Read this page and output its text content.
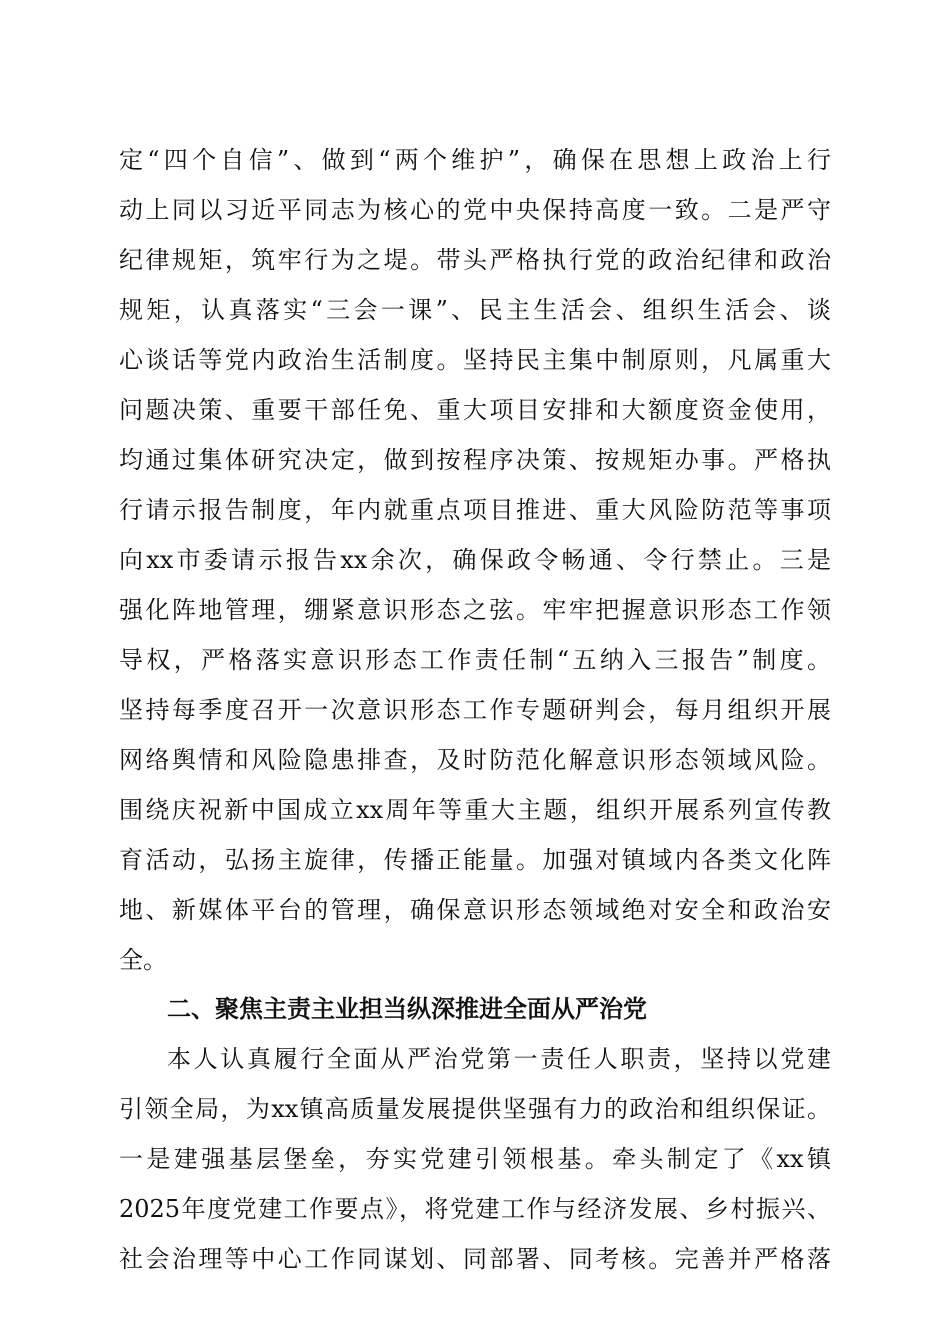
定“四个自信”、做到“两个维护”，确保在思想上政治上行
动上同以习近平同志为核心的党中央保持高度一致。二是严守
纪律规矩，筑牢行为之堤。带头严格执行党的政治纪律和政治
规矩，认真落实“三会一课”、民主生活会、组织生活会、谈
心谈话等党内政治生活制度。坚持民主集中制原则，凡属重大
问题决策、重要干部任免、重大项目安排和大额度资金使用，
均通过集体研究决定，做到按程序决策、按规矩办事。严格执
行请示报告制度，年内就重点项目推进、重大风险防范等事项
向xx市委请示报告xx余次，确保政令畅通、令行禁止。三是
强化阵地管理，绷紧意识形态之弦。牢牢把握意识形态工作领
导权，严格落实意识形态工作责任制“五纳入三报告”制度。
坚持每季度召开一次意识形态工作专题研判会，每月组织开展
网络舆情和风险隐患排查，及时防范化解意识形态领域风险。
围绕庆祝新中国成立xx周年等重大主题，组织开展系列宣传教
育活动，弘扬主旋律，传播正能量。加强对镇域内各类文化阵
地、新媒体平台的管理，确保意识形态领域绝对安全和政治安
全。
二、聚焦主责主业担当纵深推进全面从严治党
本人认真履行全面从严治党第一责任人职责，坚持以党建
引领全局，为xx镇高质量发展提供坚强有力的政治和组织保证。
一是建强基层堡垒，夯实党建引领根基。牵头制定了《xx镇
2025年度党建工作要点》，将党建工作与经济发展、乡村振兴、
社会治理等中心工作同谋划、同部署、同考核。完善并严格落
